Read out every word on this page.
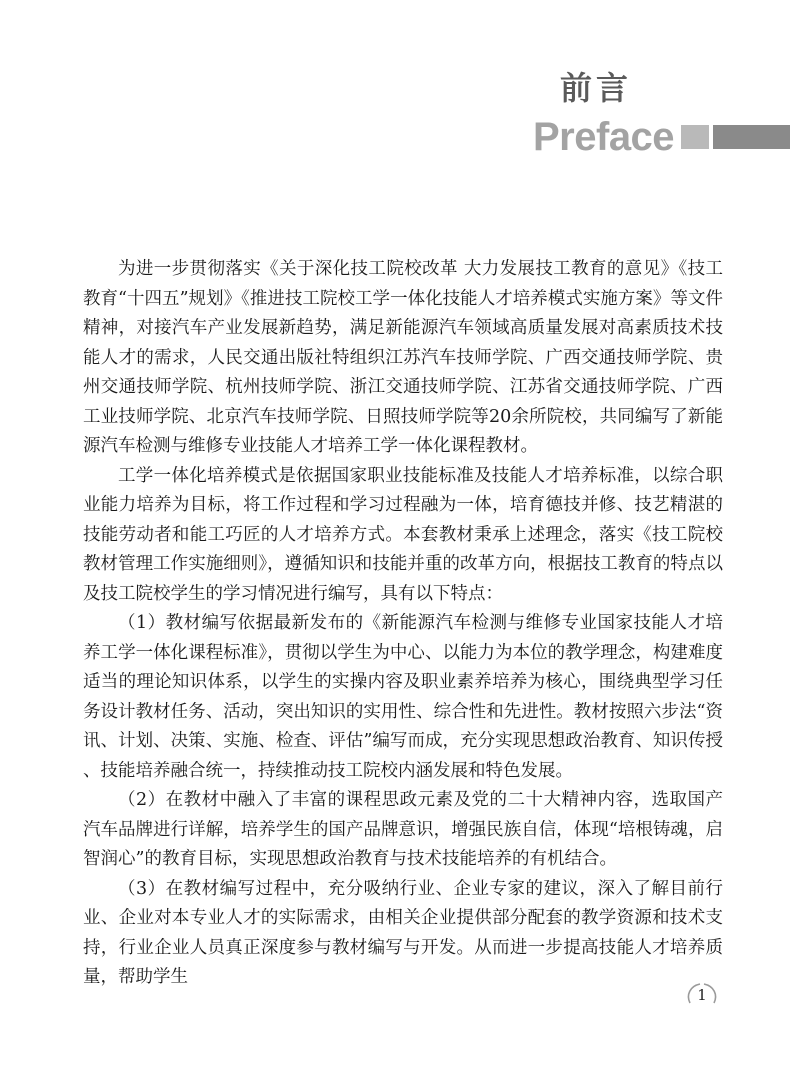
前言
Preface

为进一步贯彻落实《关于深化技工院校改革 大力发展技工教育的意见》《技工教育“十四五”规划》《推进技工院校工学一体化技能人才培养模式实施方案》等文件精神，对接汽车产业发展新趋势，满足新能源汽车领域高质量发展对高素质技术技能人才的需求，人民交通出版社特组织江苏汽车技师学院、广西交通技师学院、贵州交通技师学院、杭州技师学院、浙江交通技师学院、江苏省交通技师学院、广西工业技师学院、北京汽车技师学院、日照技师学院等20余所院校，共同编写了新能源汽车检测与维修专业技能人才培养工学一体化课程教材。

工学一体化培养模式是依据国家职业技能标准及技能人才培养标准，以综合职业能力培养为目标，将工作过程和学习过程融为一体，培育德技并修、技艺精湛的技能劳动者和能工巧匠的人才培养方式。本套教材秉承上述理念，落实《技工院校教材管理工作实施细则》，遵循知识和技能并重的改革方向，根据技工教育的特点以及技工院校学生的学习情况进行编写，具有以下特点：

（1）教材编写依据最新发布的《新能源汽车检测与维修专业国家技能人才培养工学一体化课程标准》，贯彻以学生为中心、以能力为本位的教学理念，构建难度适当的理论知识体系，以学生的实操内容及职业素养培养为核心，围绕典型学习任务设计教材任务、活动，突出知识的实用性、综合性和先进性。教材按照六步法“资讯、计划、决策、实施、检查、评估”编写而成，充分实现思想政治教育、知识传授、技能培养融合统一，持续推动技工院校内涵发展和特色发展。

（2）在教材中融入了丰富的课程思政元素及党的二十大精神内容，选取国产汽车品牌进行详解，培养学生的国产品牌意识，增强民族自信，体现“培根铸魂，启智润心”的教育目标，实现思想政治教育与技术技能培养的有机结合。

（3）在教材编写过程中，充分吸纳行业、企业专家的建议，深入了解目前行业、企业对本专业人才的实际需求，由相关企业提供部分配套的教学资源和技术支持，行业企业人员真正深度参与教材编写与开发。从而进一步提高技能人才培养质量，帮助学生

1
